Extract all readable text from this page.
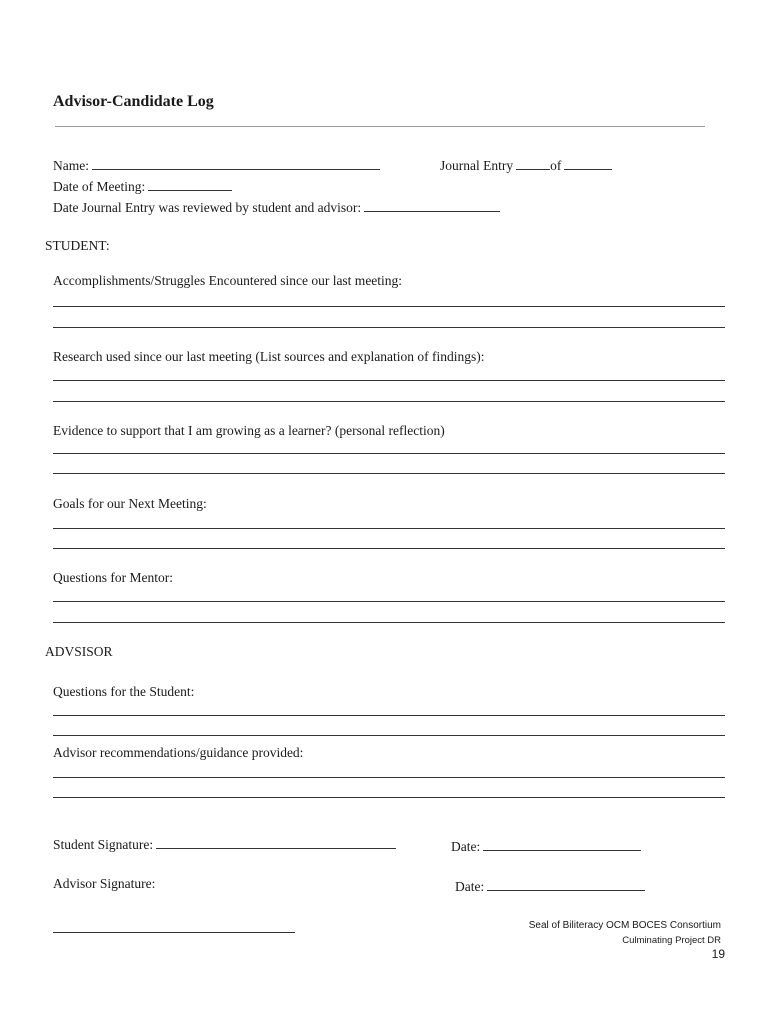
Advisor-Candidate Log
Name:	Journal Entry	of
Date of Meeting:
Date Journal Entry was reviewed by student and advisor:
STUDENT:
Accomplishments/Struggles Encountered since our last meeting:
Research used since our last meeting (List sources and explanation of findings):
Evidence to support that I am growing as a learner? (personal reflection)
Goals for our Next Meeting:
Questions for Mentor:
ADVSISOR
Questions for the Student:
Advisor recommendations/guidance provided:
Student Signature:	Date:
Advisor Signature:	Date:
Seal of Biliteracy OCM BOCES Consortium
Culminating Project DR
19
